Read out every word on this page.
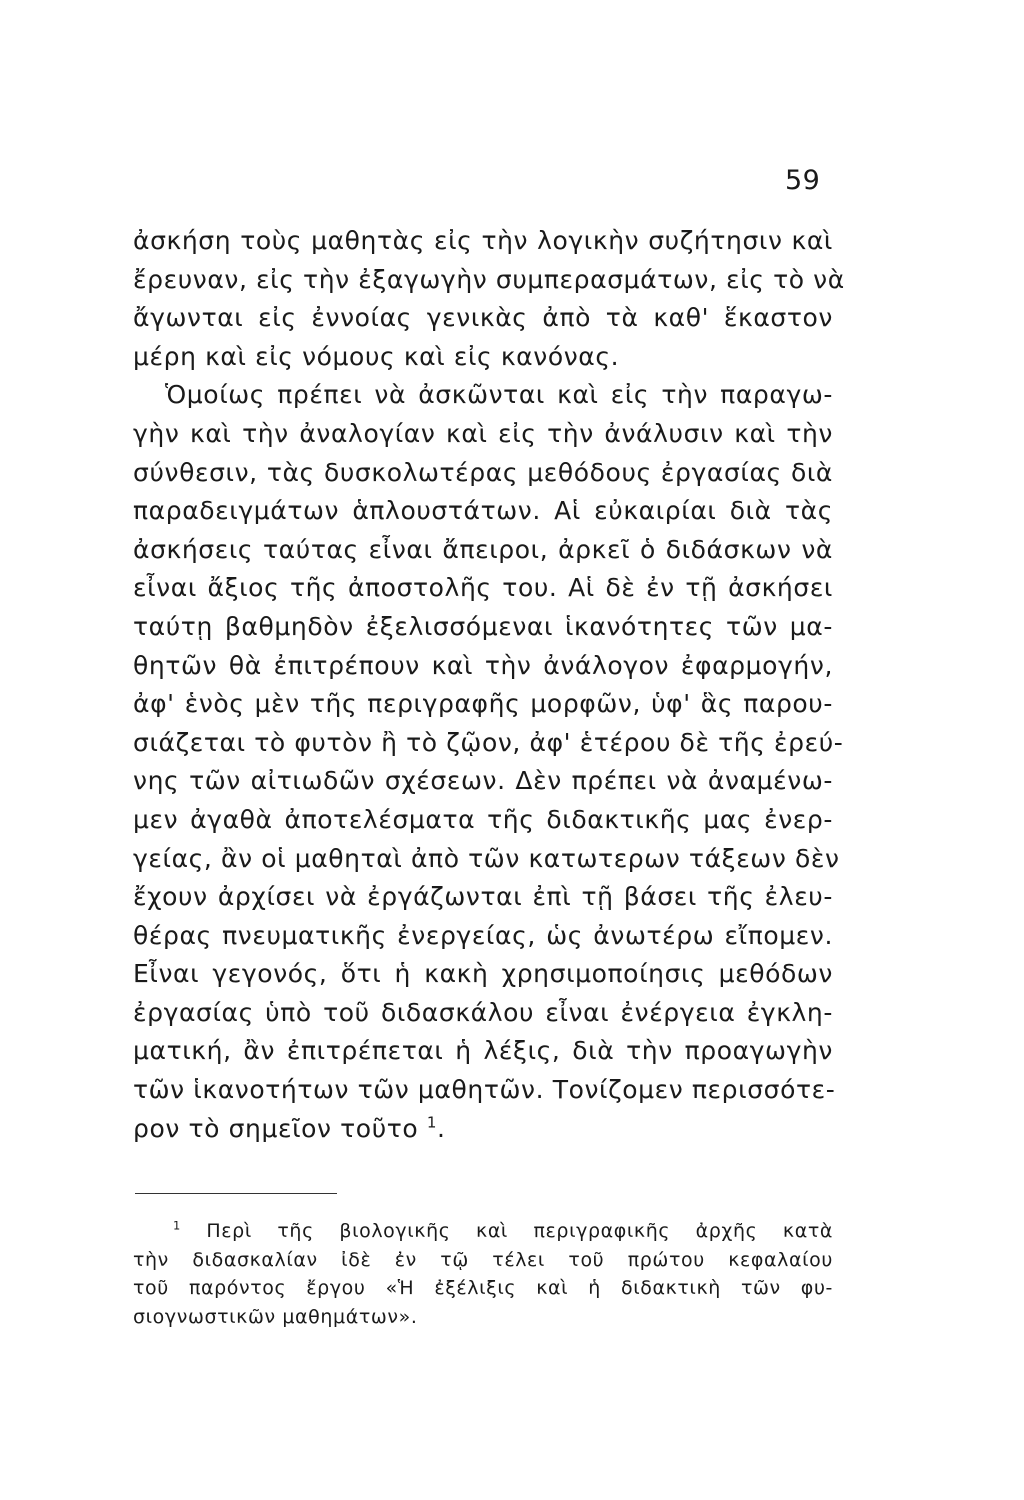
59
ἀσκήση τοὺς μαθητὰς εἰς τὴν λογικὴν συζήτησιν καὶ
ἔρευναν, εἰς τὴν ἐξαγωγὴν συμπερασμάτων, εἰς τὸ νὰ
ἄγωνται εἰς ἐννοίας γενικὰς ἀπὸ τὰ καθ' ἕκαστον
μέρη καὶ εἰς νόμους καὶ εἰς κανόνας.
Ὁμοίως πρέπει νὰ ἀσκῶνται καὶ εἰς τὴν παραγω-
γὴν καὶ τὴν ἀναλογίαν καὶ εἰς τὴν ἀνάλυσιν καὶ τὴν
σύνθεσιν, τὰς δυσκολωτέρας μεθόδους ἐργασίας διὰ
παραδειγμάτων ἁπλουστάτων. Αἱ εὐκαιρίαι διὰ τὰς
ἀσκήσεις ταύτας εἶναι ἄπειροι, ἀρκεῖ ὁ διδάσκων νὰ
εἶναι ἄξιος τῆς ἀποστολῆς του. Αἱ δὲ ἐν τῇ ἀσκήσει
ταύτῃ βαθμηδὸν ἐξελισσόμεναι ἱκανότητες τῶν μα-
θητῶν θὰ ἐπιτρέπουν καὶ τὴν ἀνάλογον ἐφαρμογήν,
ἀφ' ἑνὸς μὲν τῆς περιγραφῆς μορφῶν, ὑφ' ἃς παρου-
σιάζεται τὸ φυτὸν ἢ τὸ ζῷον, ἀφ' ἑτέρου δὲ τῆς ἐρεύ-
νης τῶν αἰτιωδῶν σχέσεων. Δὲν πρέπει νὰ ἀναμένω-
μεν ἀγαθὰ ἀποτελέσματα τῆς διδακτικῆς μας ἐνερ-
γείας, ἂν οἱ μαθηταὶ ἀπὸ τῶν κατωτερων τάξεων δὲν
ἔχουν ἀρχίσει νὰ ἐργάζωνται ἐπὶ τῇ βάσει τῆς ἐλευ-
θέρας πνευματικῆς ἐνεργείας, ὡς ἀνωτέρω εἴπομεν.
Εἶναι γεγονός, ὅτι ἡ κακὴ χρησιμοποίησις μεθόδων
ἐργασίας ὑπὸ τοῦ διδασκάλου εἶναι ἐνέργεια ἐγκλη-
ματική, ἂν ἐπιτρέπεται ἡ λέξις, διὰ τὴν προαγωγὴν
τῶν ἱκανοτήτων τῶν μαθητῶν. Τονίζομεν περισσότε-
ρον τὸ σημεῖον τοῦτο $^1$.
$^1$ Περὶ τῆς βιολογικῆς καὶ περιγραφικῆς ἀρχῆς κατὰ
τὴν διδασκαλίαν ἰδὲ ἐν τῷ τέλει τοῦ πρώτου κεφαλαίου
τοῦ παρόντος ἔργου «Ἡ ἐξέλιξις καὶ ἡ διδακτικὴ τῶν φυ-
σιογνωστικῶν μαθημάτων».
